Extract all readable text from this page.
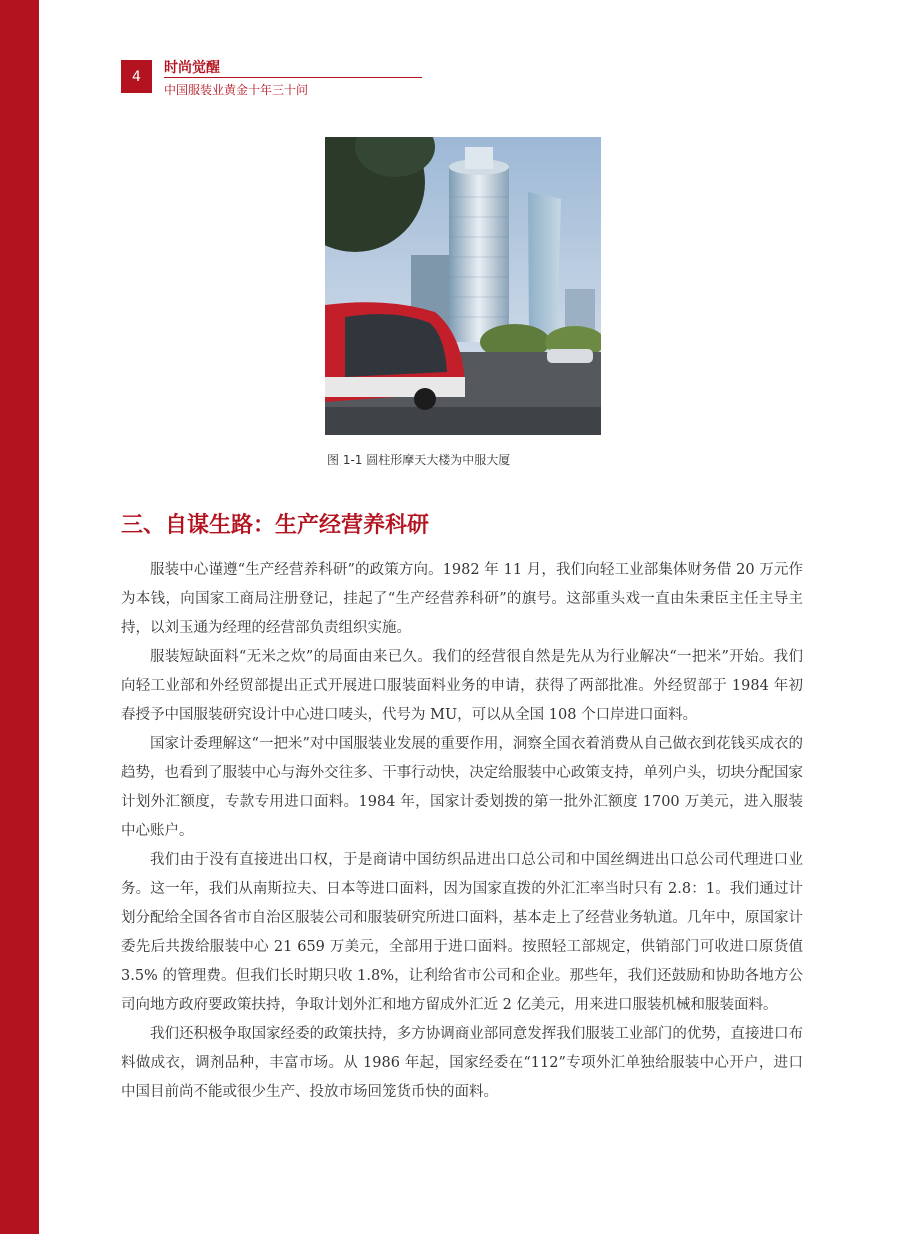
4
时尚觉醒
中国服装业黄金十年三十问
图 1-1 圆柱形摩天大楼为中服大厦
三、自谋生路：生产经营养科研

服装中心谨遵“生产经营养科研”的政策方向。1982 年 11 月，我们向轻工业部集体财务借 20 万元作为本钱，向国家工商局注册登记，挂起了“生产经营养科研”的旗号。这部重头戏一直由朱秉臣主任主导主持，以刘玉通为经理的经营部负责组织实施。

服装短缺面料“无米之炊”的局面由来已久。我们的经营很自然是先从为行业解决“一把米”开始。我们向轻工业部和外经贸部提出正式开展进口服装面料业务的申请，获得了两部批准。外经贸部于 1984 年初春授予中国服装研究设计中心进口唛头，代号为 MU，可以从全国 108 个口岸进口面料。

国家计委理解这“一把米”对中国服装业发展的重要作用，洞察全国衣着消费从自己做衣到花钱买成衣的趋势，也看到了服装中心与海外交往多、干事行动快，决定给服装中心政策支持，单列户头，切块分配国家计划外汇额度，专款专用进口面料。1984 年，国家计委划拨的第一批外汇额度 1700 万美元，进入服装中心账户。

我们由于没有直接进出口权，于是商请中国纺织品进出口总公司和中国丝绸进出口总公司代理进口业务。这一年，我们从南斯拉夫、日本等进口面料，因为国家直拨的外汇汇率当时只有 2.8：1。我们通过计划分配给全国各省市自治区服装公司和服装研究所进口面料，基本走上了经营业务轨道。几年中，原国家计委先后共拨给服装中心 21 659 万美元，全部用于进口面料。按照轻工部规定，供销部门可收进口原货值 3.5% 的管理费。但我们长时期只收 1.8%，让利给省市公司和企业。那些年，我们还鼓励和协助各地方公司向地方政府要政策扶持，争取计划外汇和地方留成外汇近 2 亿美元，用来进口服装机械和服装面料。

我们还积极争取国家经委的政策扶持，多方协调商业部同意发挥我们服装工业部门的优势，直接进口布料做成衣，调剂品种，丰富市场。从 1986 年起，国家经委在“112”专项外汇单独给服装中心开户，进口中国目前尚不能或很少生产、投放市场回笼货币快的面料。
